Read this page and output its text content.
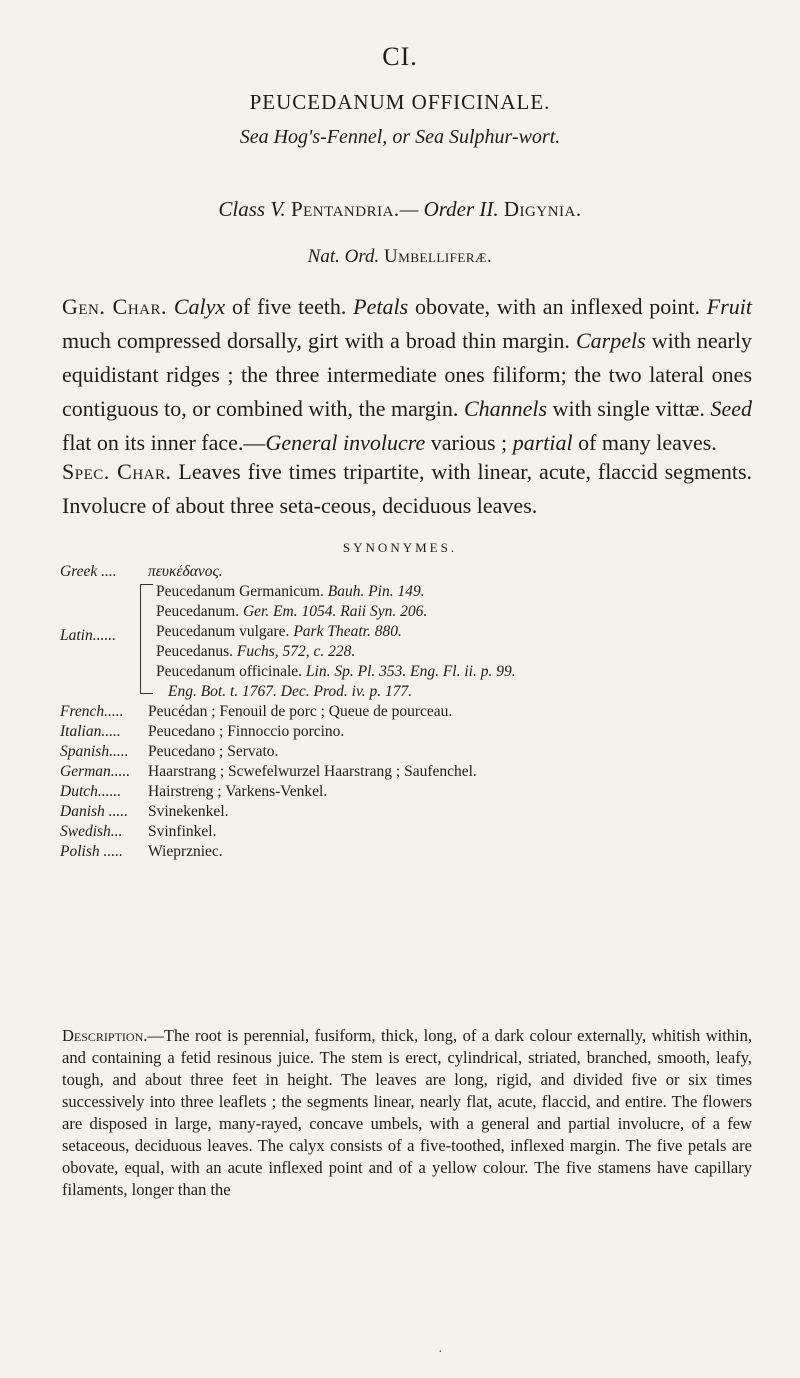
CI.
PEUCEDANUM OFFICINALE.
Sea Hog's-Fennel, or Sea Sulphur-wort.
Class V. Pentandria.— Order II. Digynia.
Nat. Ord. Umbelliferæ.
Gen. Char. Calyx of five teeth. Petals obovate, with an inflexed point. Fruit much compressed dorsally, girt with a broad thin margin. Carpels with nearly equidistant ridges ; the three intermediate ones filiform; the two lateral ones contiguous to, or combined with, the margin. Channels with single vittæ. Seed flat on its inner face.—General involucre various ; partial of many leaves.
Spec. Char. Leaves five times tripartite, with linear, acute, flaccid segments. Involucre of about three seta-ceous, deciduous leaves.
SYNONYMES.
Greek ....	πευκέδανος.
Latin......
Peucedanum Germanicum. Bauh. Pin. 149.
Peucedanum. Ger. Em. 1054. Raii Syn. 206.
Peucedanum vulgare. Park Theatr. 880.
Peucedanus. Fuchs, 572, c. 228.
Peucedanum officinale. Lin. Sp. Pl. 353. Eng. Fl. ii. p. 99.
Eng. Bot. t. 1767. Dec. Prod. iv. p. 177.
French.....	Peucédan ; Fenouil de porc ; Queue de pourceau.
Italian.....	Peucedano ; Finnoccio porcino.
Spanish.....	Peucedano ; Servato.
German.....	Haarstrang ; Scwefelwurzel Haarstrang ; Saufenchel.
Dutch......	Hairstreng ; Varkens-Venkel.
Danish .....	Svinekenkel.
Swedish...	Svinfinkel.
Polish .....	Wieprzniec.
Description.—The root is perennial, fusiform, thick, long, of a dark colour externally, whitish within, and containing a fetid resinous juice. The stem is erect, cylindrical, striated, branched, smooth, leafy, tough, and about three feet in height. The leaves are long, rigid, and divided five or six times successively into three leaflets ; the segments linear, nearly flat, acute, flaccid, and entire. The flowers are disposed in large, many-rayed, concave umbels, with a general and partial involucre, of a few setaceous, deciduous leaves. The calyx consists of a five-toothed, inflexed margin. The five petals are obovate, equal, with an acute inflexed point and of a yellow colour. The five stamens have capillary filaments, longer than the
·
